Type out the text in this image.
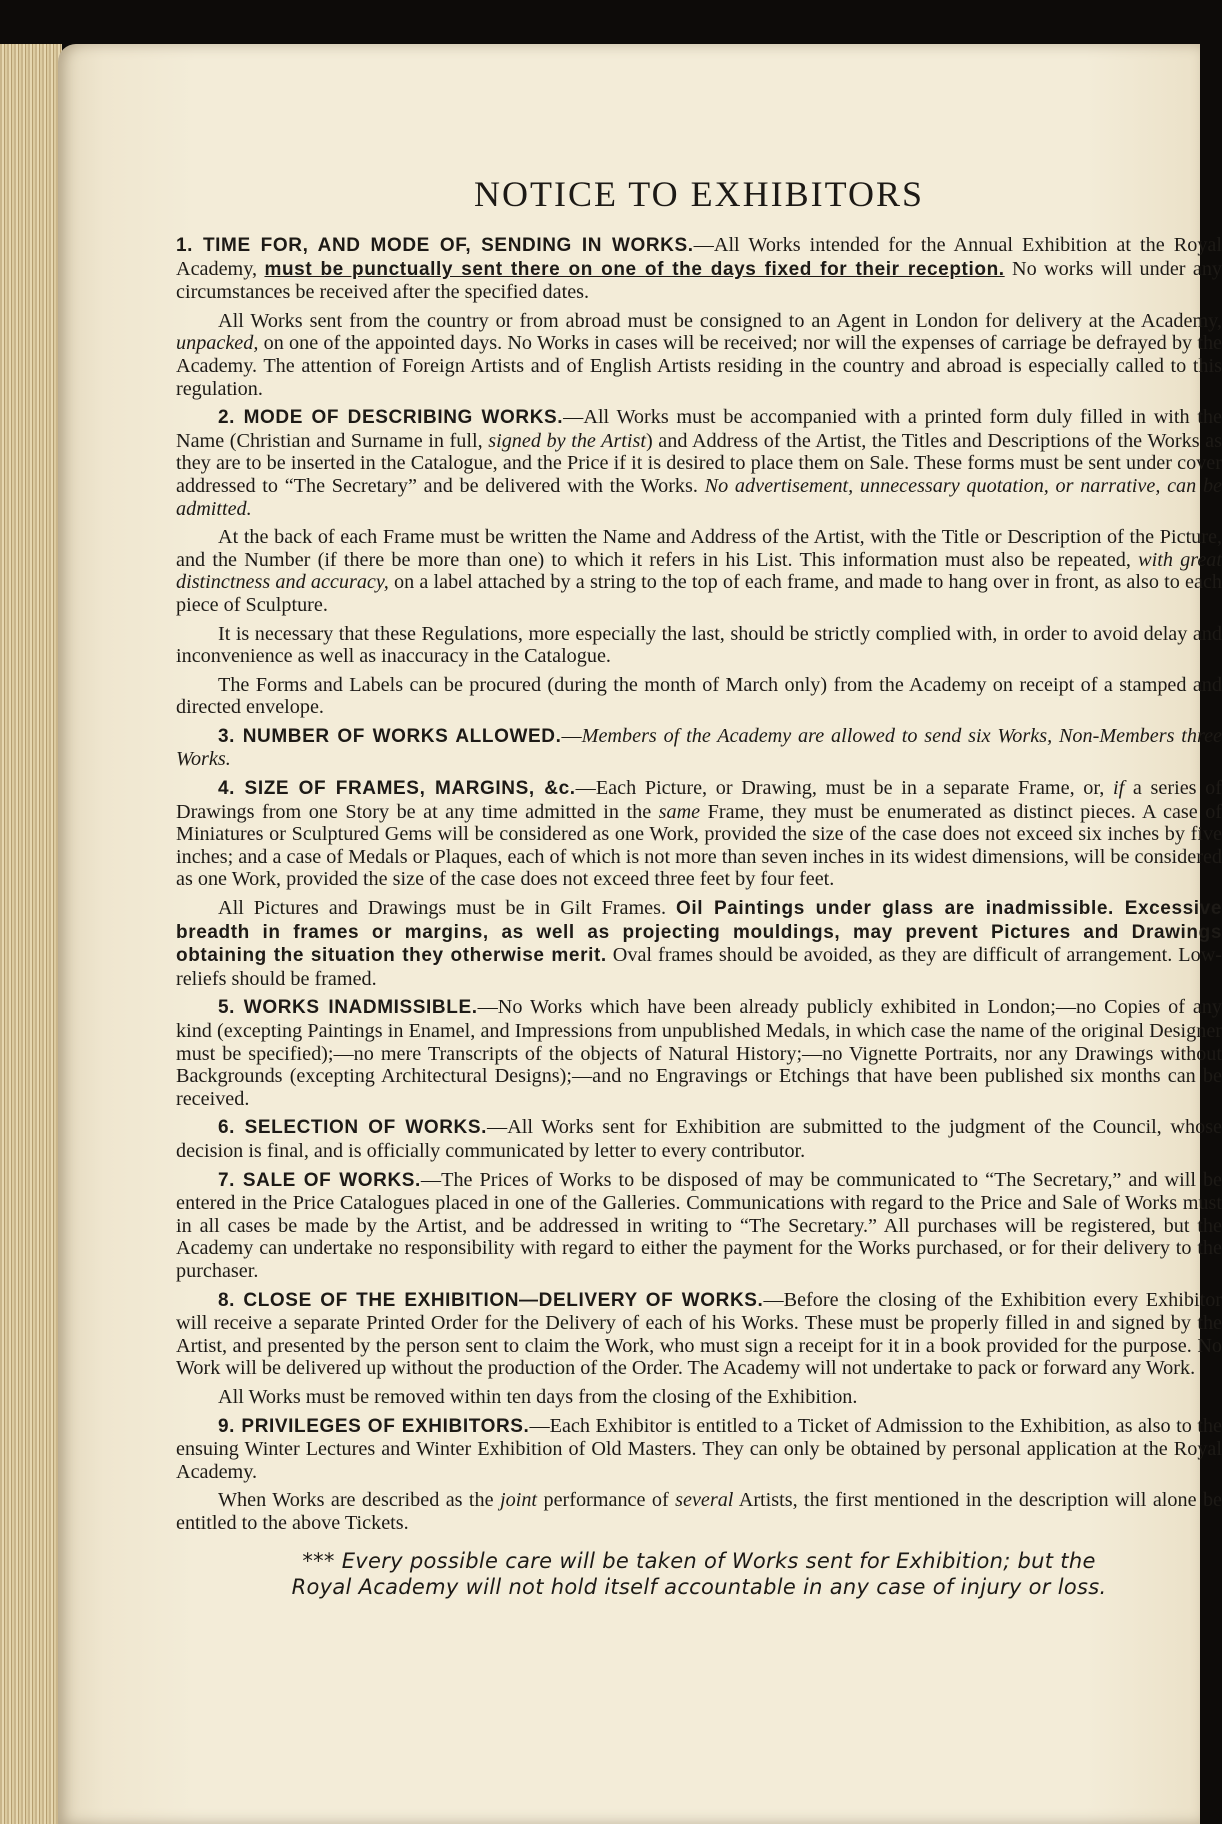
NOTICE TO EXHIBITORS

1. TIME FOR, AND MODE OF, SENDING IN WORKS.—All Works intended for the Annual Exhibition at the Royal Academy, must be punctually sent there on one of the days fixed for their reception. No works will under any circumstances be received after the specified dates.

All Works sent from the country or from abroad must be consigned to an Agent in London for delivery at the Academy, unpacked, on one of the appointed days. No Works in cases will be received; nor will the expenses of carriage be defrayed by the Academy. The attention of Foreign Artists and of English Artists residing in the country and abroad is especially called to this regulation.

2. MODE OF DESCRIBING WORKS.—All Works must be accompanied with a printed form duly filled in with the Name (Christian and Surname in full, signed by the Artist) and Address of the Artist, the Titles and Descriptions of the Works as they are to be inserted in the Catalogue, and the Price if it is desired to place them on Sale. These forms must be sent under cover addressed to “The Secretary” and be delivered with the Works. No advertisement, unnecessary quotation, or narrative, can be admitted.

At the back of each Frame must be written the Name and Address of the Artist, with the Title or Description of the Picture, and the Number (if there be more than one) to which it refers in his List. This information must also be repeated, with great distinctness and accuracy, on a label attached by a string to the top of each frame, and made to hang over in front, as also to each piece of Sculpture.

It is necessary that these Regulations, more especially the last, should be strictly complied with, in order to avoid delay and inconvenience as well as inaccuracy in the Catalogue.

The Forms and Labels can be procured (during the month of March only) from the Academy on receipt of a stamped and directed envelope.

3. NUMBER OF WORKS ALLOWED.—Members of the Academy are allowed to send six Works, Non-Members three Works.

4. SIZE OF FRAMES, MARGINS, &c.—Each Picture, or Drawing, must be in a separate Frame, or, if a series of Drawings from one Story be at any time admitted in the same Frame, they must be enumerated as distinct pieces. A case of Miniatures or Sculptured Gems will be considered as one Work, provided the size of the case does not exceed six inches by five inches; and a case of Medals or Plaques, each of which is not more than seven inches in its widest dimensions, will be considered as one Work, provided the size of the case does not exceed three feet by four feet.

All Pictures and Drawings must be in Gilt Frames. Oil Paintings under glass are inadmissible. Excessive breadth in frames or margins, as well as projecting mouldings, may prevent Pictures and Drawings obtaining the situation they otherwise merit. Oval frames should be avoided, as they are difficult of arrangement. Low-reliefs should be framed.

5. WORKS INADMISSIBLE.—No Works which have been already publicly exhibited in London;—no Copies of any kind (excepting Paintings in Enamel, and Impressions from unpublished Medals, in which case the name of the original Designer must be specified);—no mere Transcripts of the objects of Natural History;—no Vignette Portraits, nor any Drawings without Backgrounds (excepting Architectural Designs);—and no Engravings or Etchings that have been published six months can be received.

6. SELECTION OF WORKS.—All Works sent for Exhibition are submitted to the judgment of the Council, whose decision is final, and is officially communicated by letter to every contributor.

7. SALE OF WORKS.—The Prices of Works to be disposed of may be communicated to “The Secretary,” and will be entered in the Price Catalogues placed in one of the Galleries. Communications with regard to the Price and Sale of Works must in all cases be made by the Artist, and be addressed in writing to “The Secretary.” All purchases will be registered, but the Academy can undertake no responsibility with regard to either the payment for the Works purchased, or for their delivery to the purchaser.

8. CLOSE OF THE EXHIBITION—DELIVERY OF WORKS.—Before the closing of the Exhibition every Exhibitor will receive a separate Printed Order for the Delivery of each of his Works. These must be properly filled in and signed by the Artist, and presented by the person sent to claim the Work, who must sign a receipt for it in a book provided for the purpose. No Work will be delivered up without the production of the Order. The Academy will not undertake to pack or forward any Work.

All Works must be removed within ten days from the closing of the Exhibition.

9. PRIVILEGES OF EXHIBITORS.—Each Exhibitor is entitled to a Ticket of Admission to the Exhibition, as also to the ensuing Winter Lectures and Winter Exhibition of Old Masters. They can only be obtained by personal application at the Royal Academy.

When Works are described as the joint performance of several Artists, the first mentioned in the description will alone be entitled to the above Tickets.

*** Every possible care will be taken of Works sent for Exhibition; but the
Royal Academy will not hold itself accountable in any case of injury or loss.
